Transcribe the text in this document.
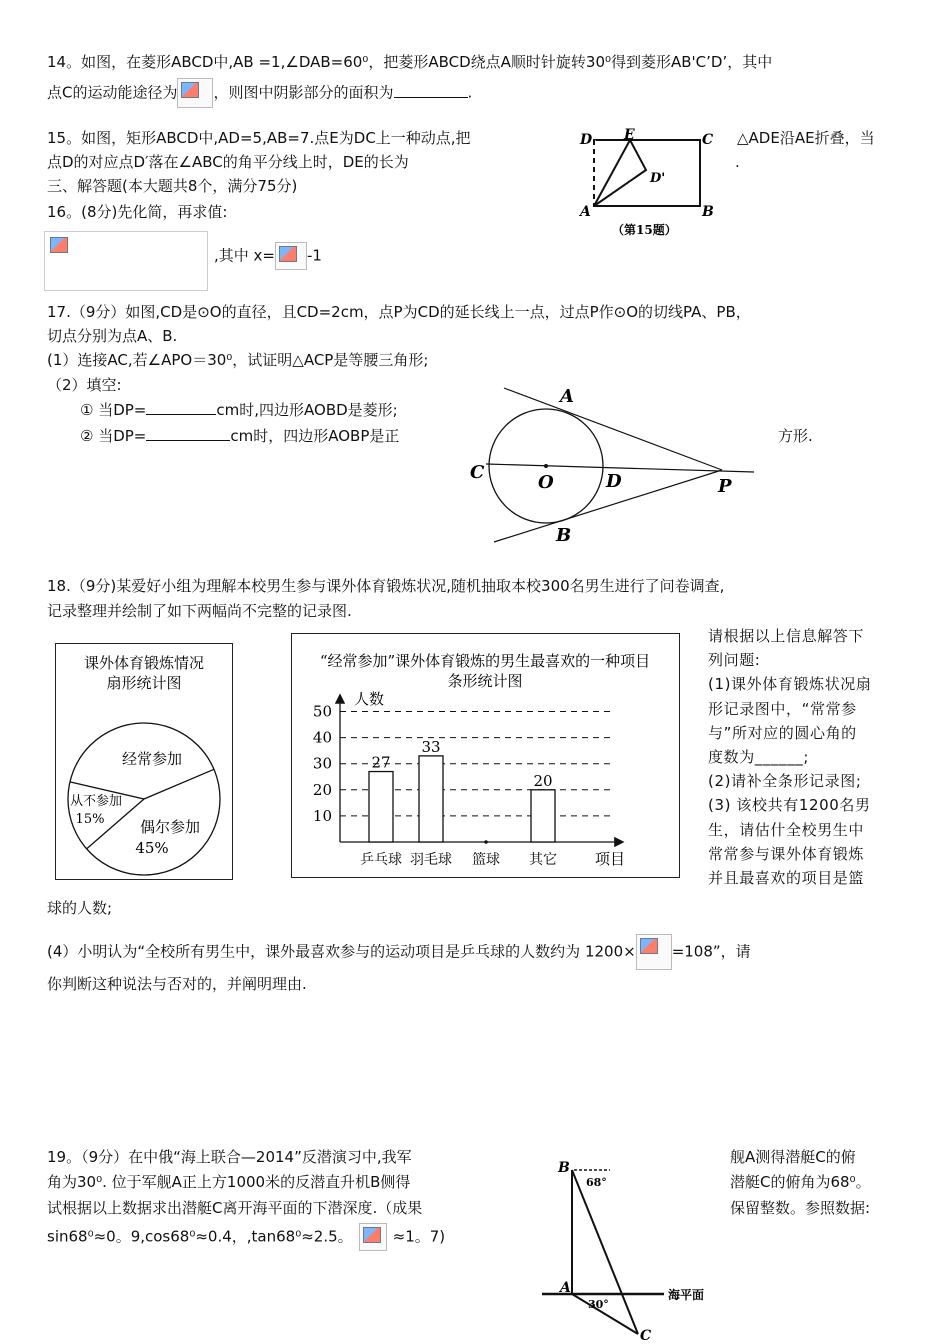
14。如图，在菱形ABCD中,AB =1,∠DAB=60⁰，把菱形ABCD绕点A顺时针旋转30⁰得到菱形AB'C’D’，其中
点C的运动能途径为 ，则图中阴影部分的面积为	.
15。如图，矩形ABCD中,AD=5,AB=7.点E为DC上一种动点,把	△ADE沿AE折叠，当
点D的对应点D′落在∠ABC的角平分线上时，DE的长为	.
三、解答题(本大题共8个，满分75分)
D E	C
D'
A	B
（第15题）
16。(8分)先化简，再求值:
,其中 x= -1
17.（9分）如图,CD是⊙O的直径，且CD=2cm，点P为CD的延长线上一点，过点P作⊙O的切线PA、PB，
切点分别为点A、B.
(1）连接AC,若∠APO＝30⁰，试证明△ACP是等腰三角形;
（2）填空:
① 当DP=	cm时,四边形AOBD是菱形;
② 当DP=	cm时，四边形AOBP是正	方形.
A
C	O	D	P
B
18.（9分)某爱好小组为理解本校男生参与课外体育锻炼状况,随机抽取本校300名男生进行了问卷调查,
记录整理并绘制了如下两幅尚不完整的记录图.
课外体育锻炼情况
扇形统计图
经常参加
从不参加
15% 偶尔参加
45%
“经常参加”课外体育锻炼的男生最喜欢的一种项目
条形统计图
人数
项目
10
20
30
40
50
27
乒乓球
33
羽毛球 篮球
20
其它
请根据以上信息解答下
列问题:
(1)课外体育锻炼状况扇
形记录图中，“常常参
与”所对应的圆心角的
度数为______;
(2)请补全条形记录图;
(3) 该校共有1200名男
生，请估什全校男生中
常常参与课外体育锻炼
并且最喜欢的项目是篮
球的人数;
(4）小明认为“全校所有男生中，课外最喜欢参与的运动项目是乒乓球的人数约为 1200× =108”，请
你判断这种说法与否对的，并阐明理由.
19。（9分）在中俄“海上联合—2014”反潜演习中,我军	舰A测得潜艇C的俯
角为30⁰. 位于军舰A正上方1000米的反潜直升机B侧得	潜艇C的俯角为68⁰。
试根据以上数据求出潜艇C离开海平面的下潜深度.（成果	保留整数。参照数据:
sin68⁰≈0。9,cos68⁰≈0.4，,tan68⁰≈2.5。	≈1。7)
B
68°
A
30°
海平面
C
